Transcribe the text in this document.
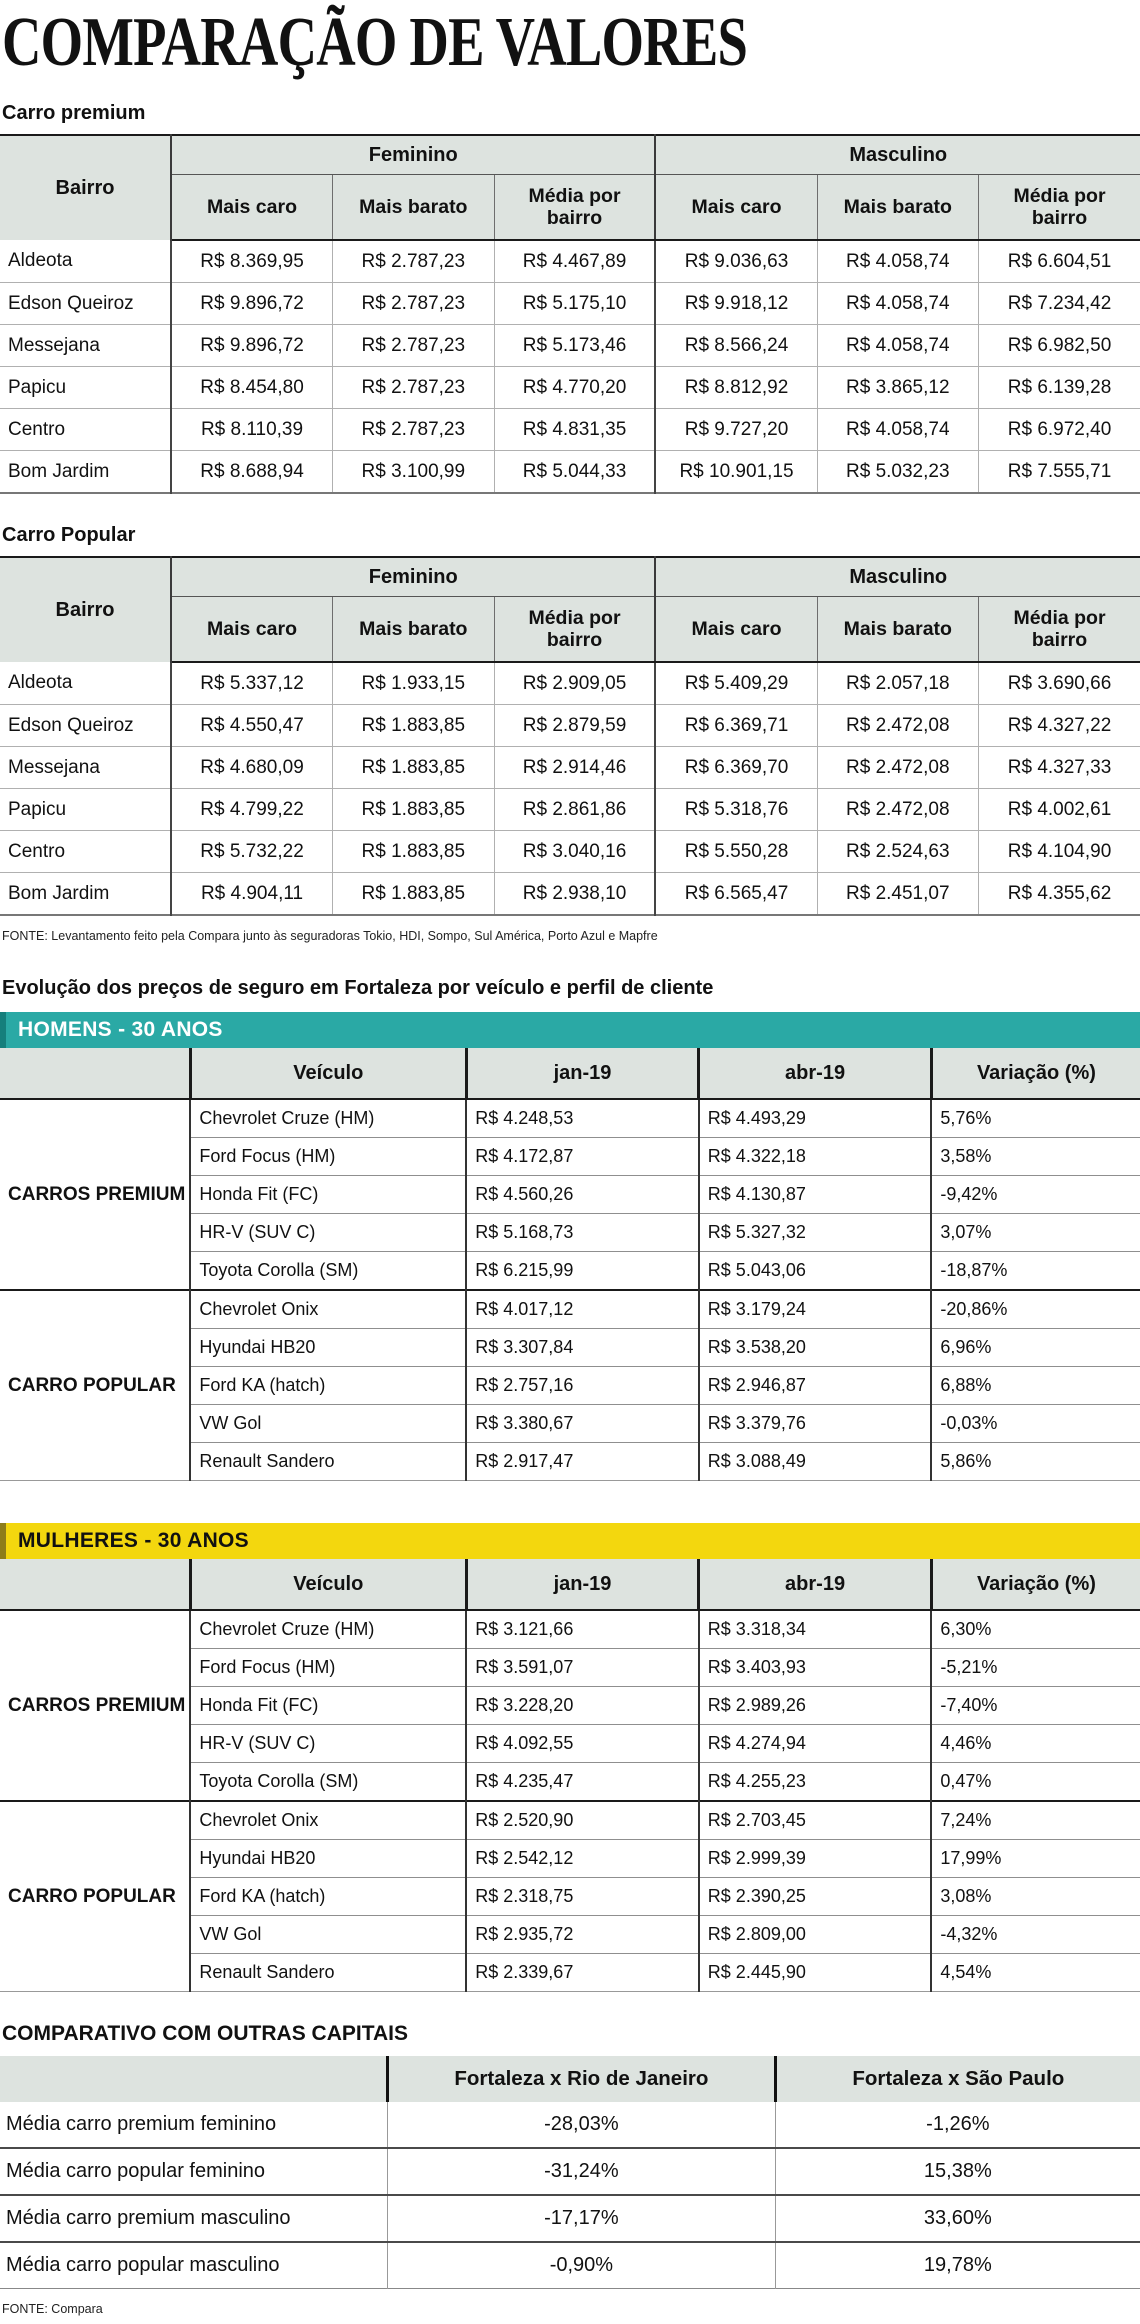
COMPARAÇÃO DE VALORES
Carro premium
Bairro	Feminino			Masculino		
	Mais caro	Mais barato	Média por bairro	Mais caro	Mais barato	Média por bairro
Aldeota	R$ 8.369,95	R$ 2.787,23	R$ 4.467,89	R$ 9.036,63	R$ 4.058,74	R$ 6.604,51
Edson Queiroz	R$ 9.896,72	R$ 2.787,23	R$ 5.175,10	R$ 9.918,12	R$ 4.058,74	R$ 7.234,42
Messejana	R$ 9.896,72	R$ 2.787,23	R$ 5.173,46	R$ 8.566,24	R$ 4.058,74	R$ 6.982,50
Papicu	R$ 8.454,80	R$ 2.787,23	R$ 4.770,20	R$ 8.812,92	R$ 3.865,12	R$ 6.139,28
Centro	R$ 8.110,39	R$ 2.787,23	R$ 4.831,35	R$ 9.727,20	R$ 4.058,74	R$ 6.972,40
Bom Jardim	R$ 8.688,94	R$ 3.100,99	R$ 5.044,33	R$ 10.901,15	R$ 5.032,23	R$ 7.555,71
Carro Popular
Bairro	Feminino			Masculino		
	Mais caro	Mais barato	Média por bairro	Mais caro	Mais barato	Média por bairro
Aldeota	R$ 5.337,12	R$ 1.933,15	R$ 2.909,05	R$ 5.409,29	R$ 2.057,18	R$ 3.690,66
Edson Queiroz	R$ 4.550,47	R$ 1.883,85	R$ 2.879,59	R$ 6.369,71	R$ 2.472,08	R$ 4.327,22
Messejana	R$ 4.680,09	R$ 1.883,85	R$ 2.914,46	R$ 6.369,70	R$ 2.472,08	R$ 4.327,33
Papicu	R$ 4.799,22	R$ 1.883,85	R$ 2.861,86	R$ 5.318,76	R$ 2.472,08	R$ 4.002,61
Centro	R$ 5.732,22	R$ 1.883,85	R$ 3.040,16	R$ 5.550,28	R$ 2.524,63	R$ 4.104,90
Bom Jardim	R$ 4.904,11	R$ 1.883,85	R$ 2.938,10	R$ 6.565,47	R$ 2.451,07	R$ 4.355,62
FONTE: Levantamento feito pela Compara junto às seguradoras Tokio, HDI, Sompo, Sul América, Porto Azul e Mapfre
Evolução dos preços de seguro em Fortaleza por veículo e perfil de cliente
HOMENS - 30 ANOS
	Veículo	jan-19	abr-19	Variação (%)
CARROS PREMIUM	Chevrolet Cruze (HM)	R$ 4.248,53	R$ 4.493,29	5,76%
	Ford Focus (HM)	R$ 4.172,87	R$ 4.322,18	3,58%
	Honda Fit (FC)	R$ 4.560,26	R$ 4.130,87	-9,42%
	HR-V (SUV C)	R$ 5.168,73	R$ 5.327,32	3,07%
	Toyota Corolla (SM)	R$ 6.215,99	R$ 5.043,06	-18,87%
CARRO POPULAR	Chevrolet Onix	R$ 4.017,12	R$ 3.179,24	-20,86%
	Hyundai HB20	R$ 3.307,84	R$ 3.538,20	6,96%
	Ford KA (hatch)	R$ 2.757,16	R$ 2.946,87	6,88%
	VW Gol	R$ 3.380,67	R$ 3.379,76	-0,03%
	Renault Sandero	R$ 2.917,47	R$ 3.088,49	5,86%
MULHERES - 30 ANOS
	Veículo	jan-19	abr-19	Variação (%)
CARROS PREMIUM	Chevrolet Cruze (HM)	R$ 3.121,66	R$ 3.318,34	6,30%
	Ford Focus (HM)	R$ 3.591,07	R$ 3.403,93	-5,21%
	Honda Fit (FC)	R$ 3.228,20	R$ 2.989,26	-7,40%
	HR-V (SUV C)	R$ 4.092,55	R$ 4.274,94	4,46%
	Toyota Corolla (SM)	R$ 4.235,47	R$ 4.255,23	0,47%
CARRO POPULAR	Chevrolet Onix	R$ 2.520,90	R$ 2.703,45	7,24%
	Hyundai HB20	R$ 2.542,12	R$ 2.999,39	17,99%
	Ford KA (hatch)	R$ 2.318,75	R$ 2.390,25	3,08%
	VW Gol	R$ 2.935,72	R$ 2.809,00	-4,32%
	Renault Sandero	R$ 2.339,67	R$ 2.445,90	4,54%
COMPARATIVO COM OUTRAS CAPITAIS
	Fortaleza x Rio de Janeiro	Fortaleza x São Paulo
Média carro premium feminino	-28,03%	-1,26%
Média carro popular feminino	-31,24%	15,38%
Média carro premium masculino	-17,17%	33,60%
Média carro popular masculino	-0,90%	19,78%
FONTE: Compara
